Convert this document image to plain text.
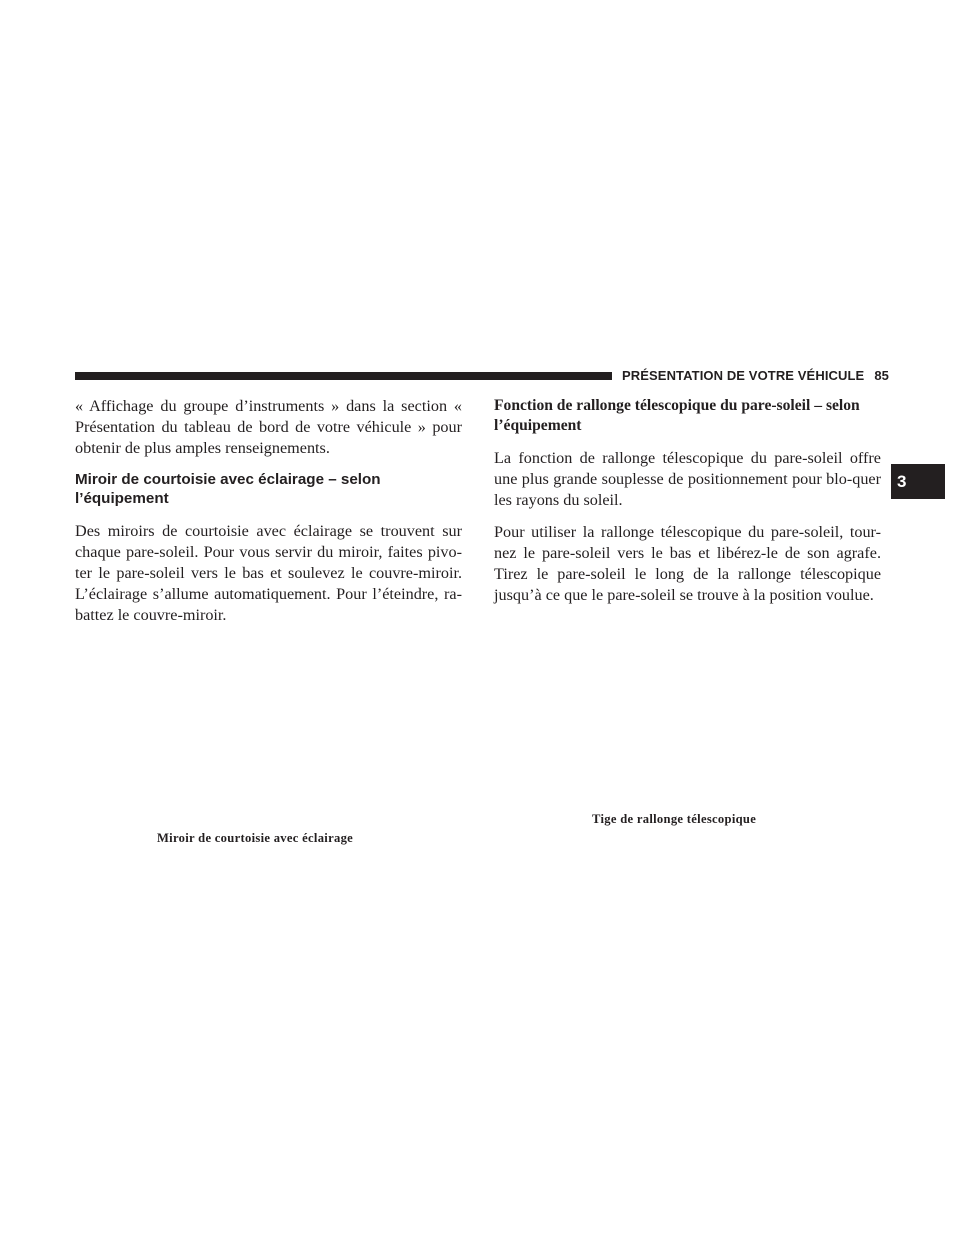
PRÉSENTATION DE VOTRE VÉHICULE 85
3

« Affichage du groupe d’instruments » dans la section « Présentation du tableau de bord de votre véhicule » pour obtenir de plus amples renseignements.

Miroir de courtoisie avec éclairage – selon l’équipement

Des miroirs de courtoisie avec éclairage se trouvent sur chaque pare-soleil. Pour vous servir du miroir, faites pivo-ter le pare-soleil vers le bas et soulevez le couvre-miroir. L’éclairage s’allume automatiquement. Pour l’éteindre, ra-battez le couvre-miroir.

Fonction de rallonge télescopique du pare-soleil – selon l’équipement

La fonction de rallonge télescopique du pare-soleil offre une plus grande souplesse de positionnement pour blo-quer les rayons du soleil.

Pour utiliser la rallonge télescopique du pare-soleil, tour-nez le pare-soleil vers le bas et libérez-le de son agrafe. Tirez le pare-soleil le long de la rallonge télescopique jusqu’à ce que le pare-soleil se trouve à la position voulue.

Miroir de courtoisie avec éclairage
Tige de rallonge télescopique
